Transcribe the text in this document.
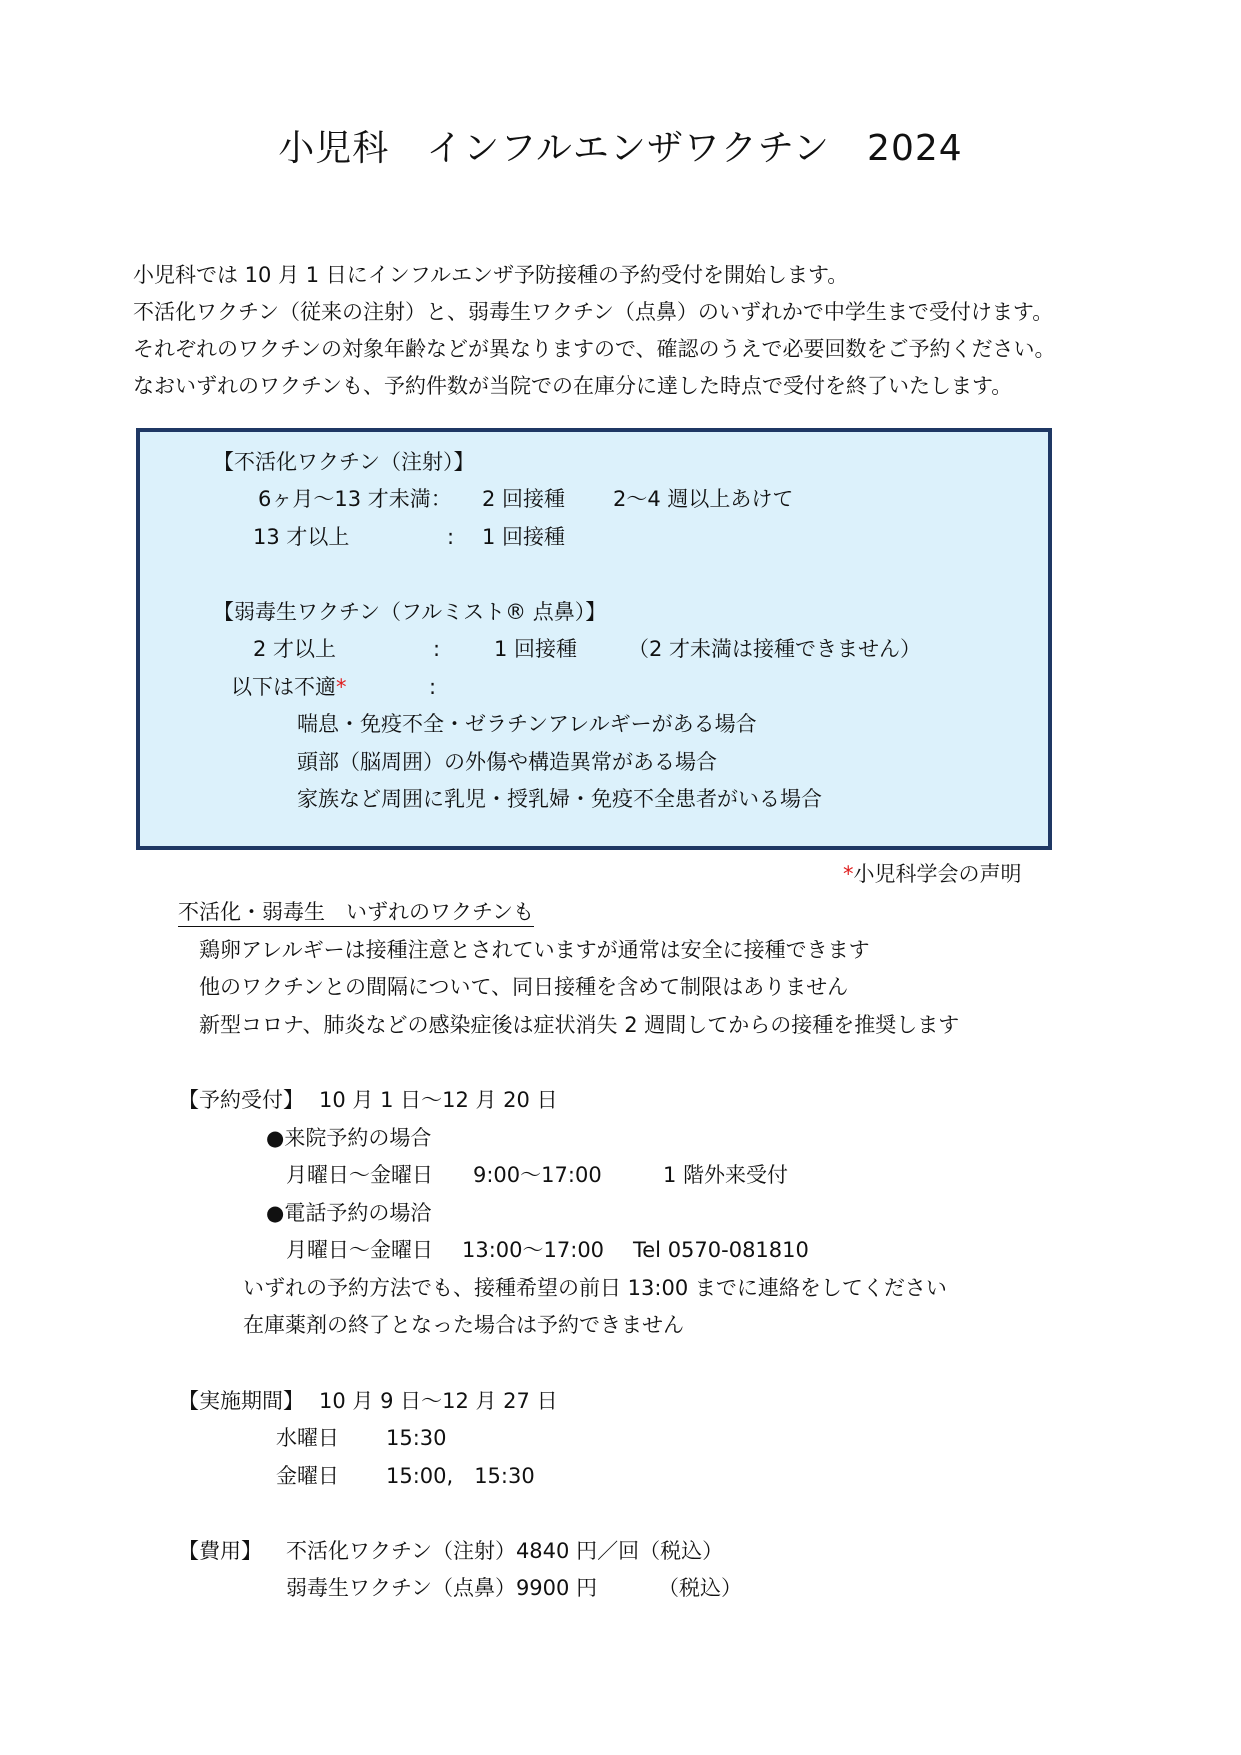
小児科　インフルエンザワクチン　2024
小児科では 10 月 1 日にインフルエンザ予防接種の予約受付を開始します。
不活化ワクチン（従来の注射）と、弱毒生ワクチン（点鼻）のいずれかで中学生まで受付けます。
それぞれのワクチンの対象年齢などが異なりますので、確認のうえで必要回数をご予約ください。
なおいずれのワクチンも、予約件数が当院での在庫分に達した時点で受付を終了いたします。
【不活化ワクチン（注射）】
6ヶ月～13 才未満： 2 回接種 2～4 週以上あけて
13 才以上	: 1 回接種
【弱毒生ワクチン（フルミスト® 点鼻）】
2 才以上	:	1 回接種 （2 才未満は接種できません）
以下は不適*	:
喘息・免疫不全・ゼラチンアレルギーがある場合
頭部（脳周囲）の外傷や構造異常がある場合
家族など周囲に乳児・授乳婦・免疫不全患者がいる場合
*小児科学会の声明
不活化・弱毒生　いずれのワクチンも
鶏卵アレルギーは接種注意とされていますが通常は安全に接種できます
他のワクチンとの間隔について、同日接種を含めて制限はありません
新型コロナ、肺炎などの感染症後は症状消失 2 週間してからの接種を推奨します
【予約受付】 10 月 1 日～12 月 20 日
●来院予約の場合
月曜日～金曜日 9:00～17:00	1 階外来受付
●電話予約の場洽
月曜日～金曜日 13:00～17:00 Tel 0570-081810
いずれの予約方法でも、接種希望の前日 13:00 までに連絡をしてください
在庫薬剤の終了となった場合は予約できません
【実施期間】 10 月 9 日～12 月 27 日
水曜日 15:30
金曜日 15:00,　15:30
【費用】 不活化ワクチン（注射）4840 円／回（税込）
弱毒生ワクチン（点鼻）9900 円	（税込）
